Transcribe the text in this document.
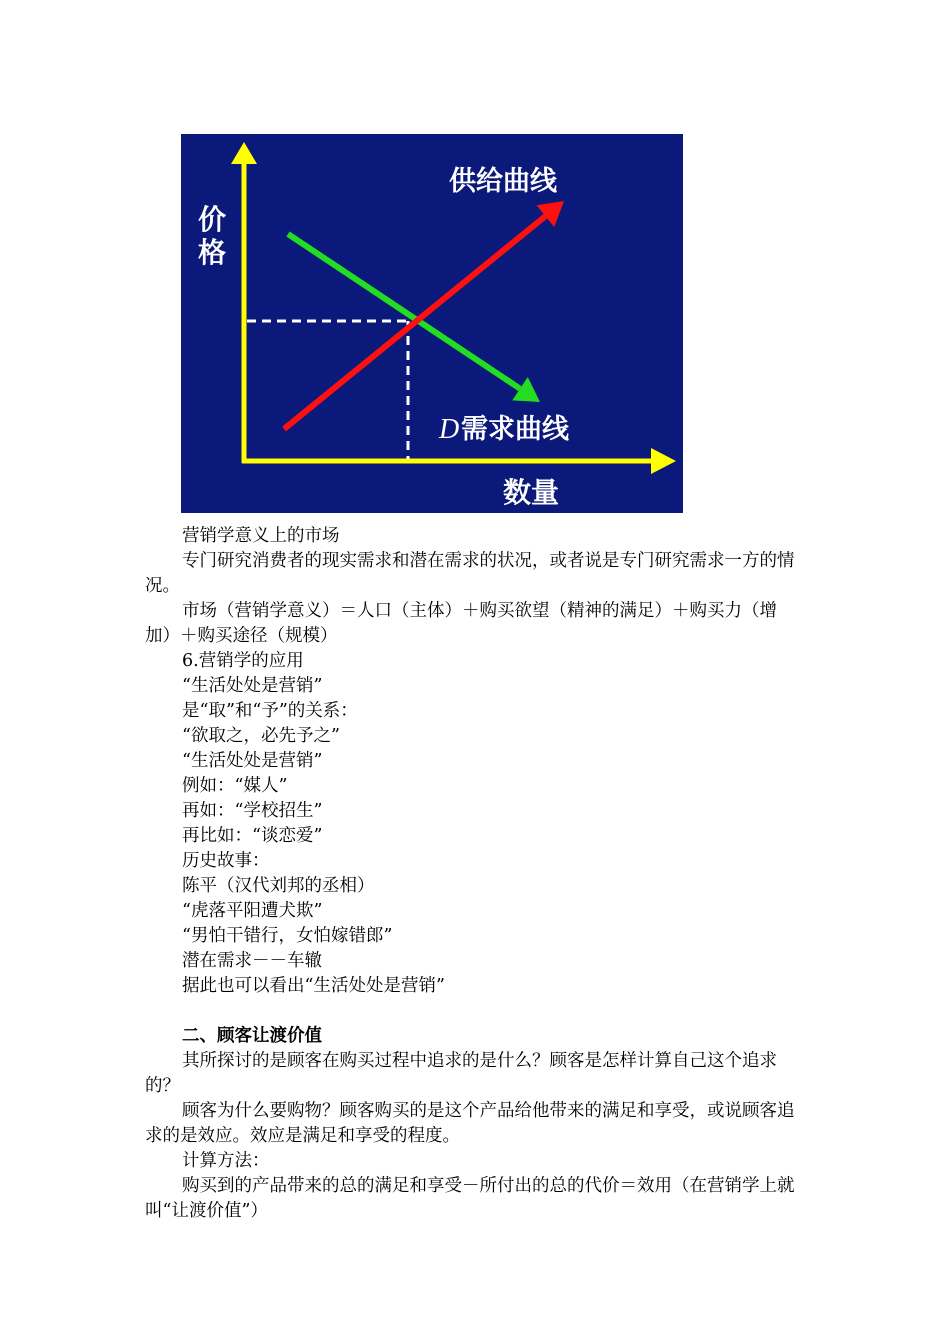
供给曲线
D 需求曲线
价
格
数量

营销学意义上的市场

专门研究消费者的现实需求和潜在需求的状况，或者说是专门研究需求一方的情况。

市场（营销学意义）＝人口（主体）＋购买欲望（精神的满足）＋购买力（增加）＋购买途径（规模）

6.营销学的应用

“生活处处是营销”

是“取”和“予”的关系：

“欲取之，必先予之”

“生活处处是营销”

例如：“媒人”

再如：“学校招生”

再比如：“谈恋爱”

历史故事：

陈平（汉代刘邦的丞相）

“虎落平阳遭犬欺”

“男怕干错行，女怕嫁错郎”

潜在需求－－车辙

据此也可以看出“生活处处是营销”

二、顾客让渡价值

其所探讨的是顾客在购买过程中追求的是什么？顾客是怎样计算自己这个追求的？

顾客为什么要购物？顾客购买的是这个产品给他带来的满足和享受，或说顾客追求的是效应。效应是满足和享受的程度。

计算方法：

购买到的产品带来的总的满足和享受－所付出的总的代价＝效用（在营销学上就叫“让渡价值”）
